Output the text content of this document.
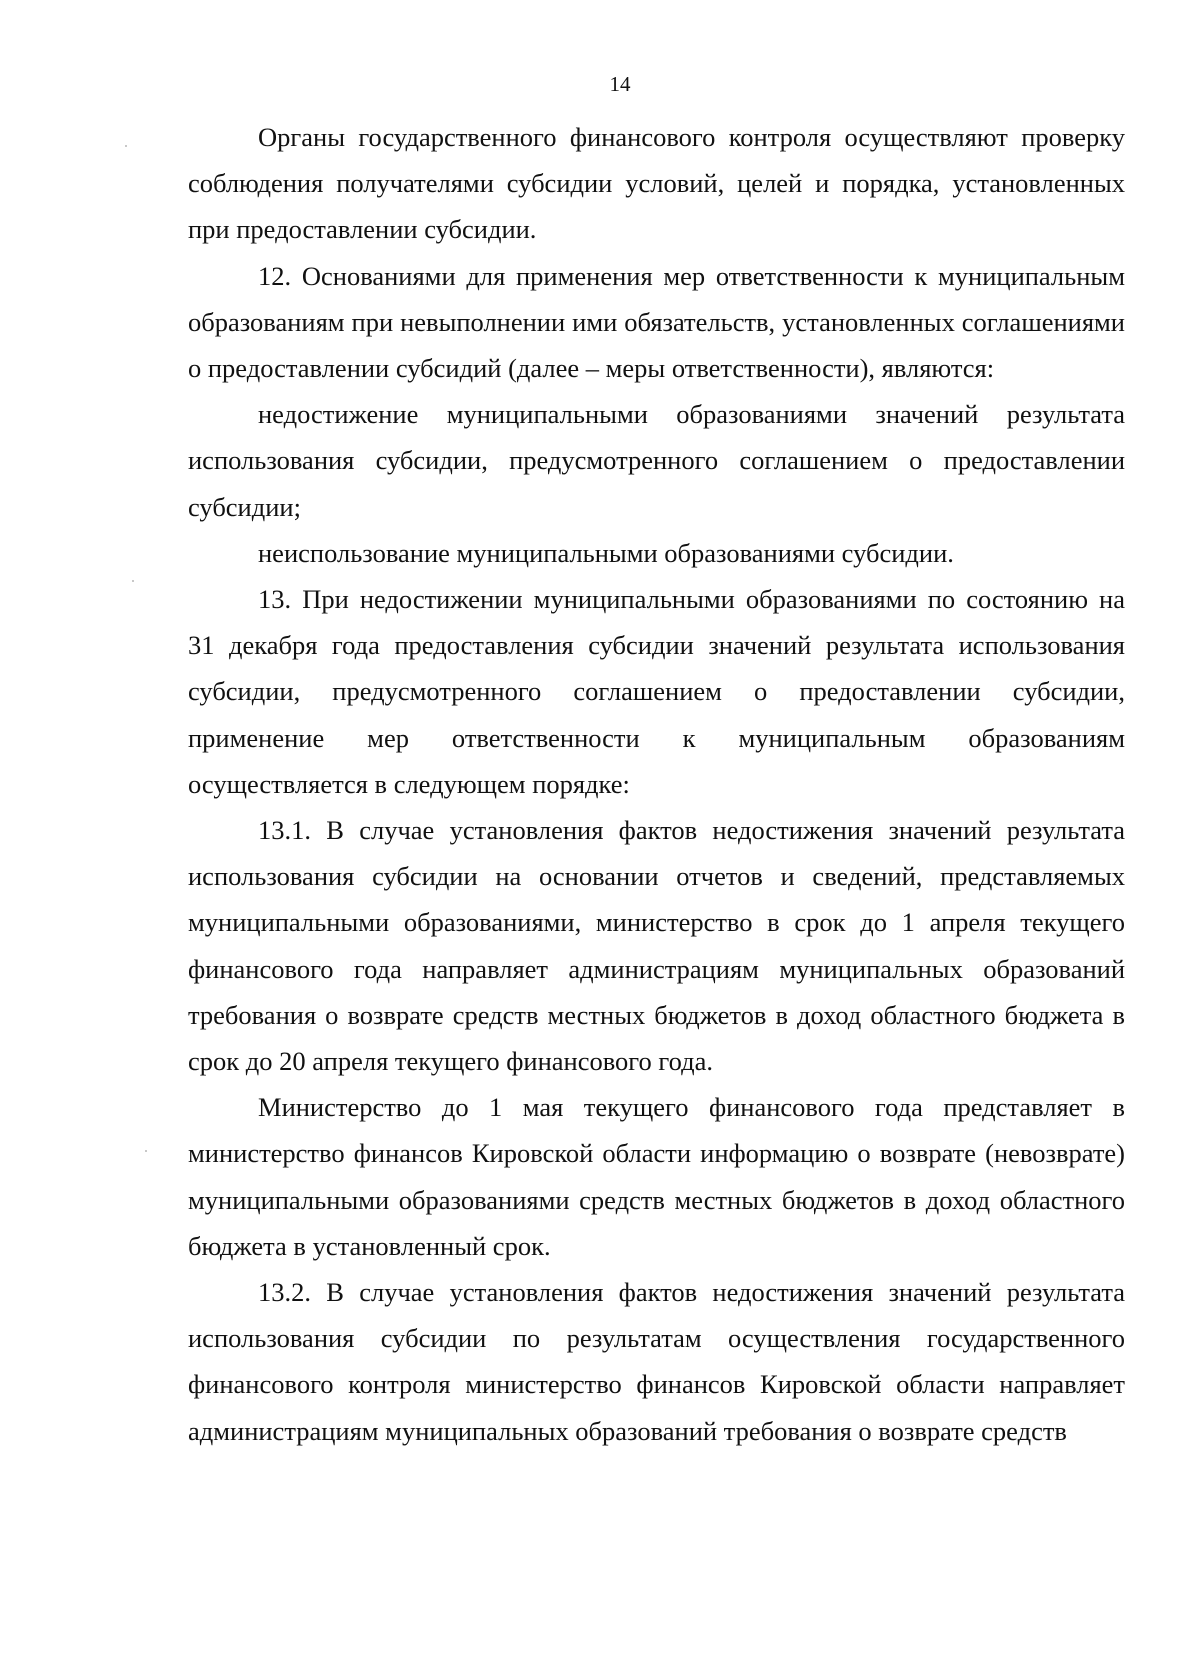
14

Органы государственного финансового контроля осуществляют проверку соблюдения получателями субсидии условий, целей и порядка, установленных при предоставлении субсидии.

12. Основаниями для применения мер ответственности к муниципальным образованиям при невыполнении ими обязательств, установленных соглашениями о предоставлении субсидий (далее – меры ответственности), являются:

недостижение муниципальными образованиями значений результата использования субсидии, предусмотренного соглашением о предоставлении субсидии;

неиспользование муниципальными образованиями субсидии.

13. При недостижении муниципальными образованиями по состоянию на 31 декабря года предоставления субсидии значений результата использования субсидии, предусмотренного соглашением о предоставлении субсидии, применение мер ответственности к муниципальным образованиям осуществляется в следующем порядке:

13.1. В случае установления фактов недостижения значений результата использования субсидии на основании отчетов и сведений, представляемых муниципальными образованиями, министерство в срок до 1 апреля текущего финансового года направляет администрациям муниципальных образований требования о возврате средств местных бюджетов в доход областного бюджета в срок до 20 апреля текущего финансового года.

Министерство до 1 мая текущего финансового года представляет в министерство финансов Кировской области информацию о возврате (невозврате) муниципальными образованиями средств местных бюджетов в доход областного бюджета в установленный срок.

13.2. В случае установления фактов недостижения значений результата использования субсидии по результатам осуществления государственного финансового контроля министерство финансов Кировской области направляет администрациям муниципальных образований требования о возврате средств
